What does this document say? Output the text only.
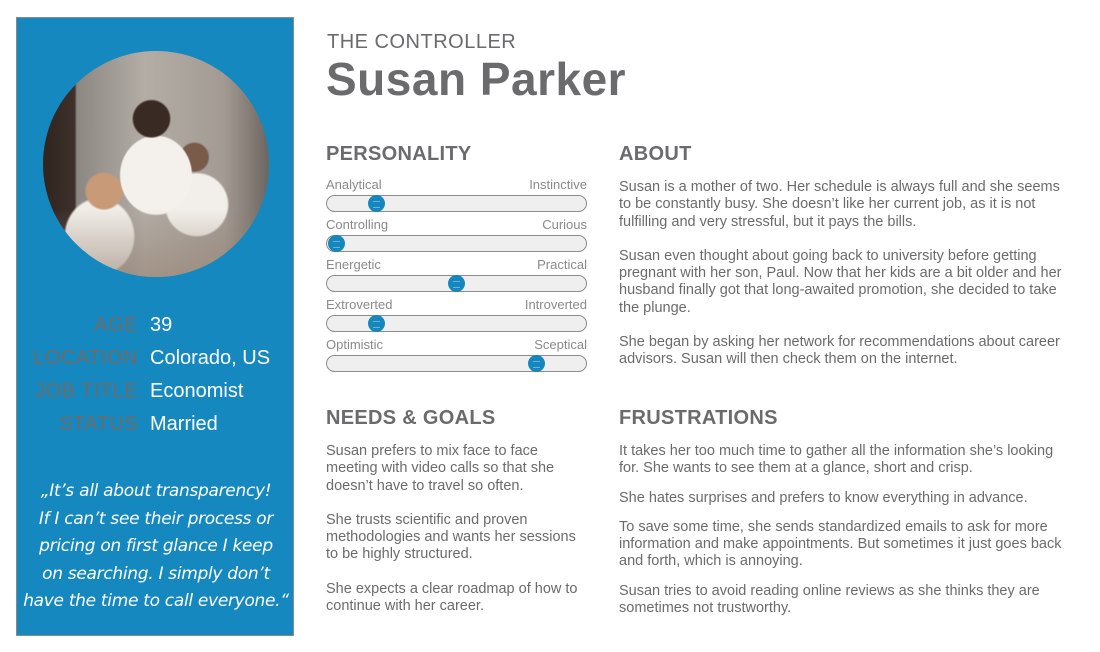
AGE 39
LOCATION Colorado, US
JOB TITLE Economist
STATUS Married
„It’s all about transparency!
If I can’t see their process or
pricing on first glance I keep
on searching. I simply don’t
have the time to call everyone.“
THE CONTROLLER
Susan Parker
PERSONALITY
Analytical	Instinctive
Controlling	Curious
Energetic	Practical
Extroverted	Introverted
Optimistic	Sceptical
ABOUT

Susan is a mother of two. Her schedule is always full and she seems to be constantly busy. She doesn’t like her current job, as it is not fulfilling and very stressful, but it pays the bills.

Susan even thought about going back to university before getting pregnant with her son, Paul. Now that her kids are a bit older and her husband finally got that long-awaited promotion, she decided to take the plunge.

She began by asking her network for recommendations about career advisors. Susan will then check them on the internet.

NEEDS & GOALS

Susan prefers to mix face to face meeting with video calls so that she doesn’t have to travel so often.

She trusts scientific and proven methodologies and wants her sessions to be highly structured.

She expects a clear roadmap of how to continue with her career.

FRUSTRATIONS

It takes her too much time to gather all the information she’s looking for. She wants to see them at a glance, short and crisp.

She hates surprises and prefers to know everything in advance.

To save some time, she sends standardized emails to ask for more information and make appointments. But sometimes it just goes back and forth, which is annoying.

Susan tries to avoid reading online reviews as she thinks they are sometimes not trustworthy.
